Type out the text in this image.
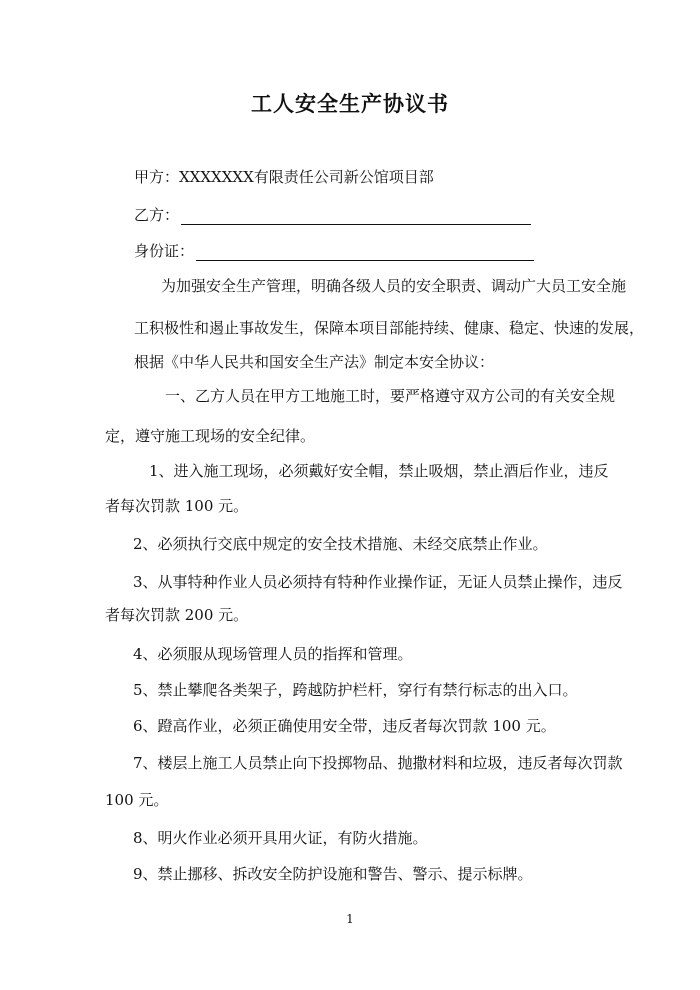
工人安全生产协议书
甲方：XXXXXXX有限责任公司新公馆项目部
乙方：
身份证：
为加强安全生产管理，明确各级人员的安全职责、调动广大员工安全施
工积极性和遏止事故发生，保障本项目部能持续、健康、稳定、快速的发展，
根据《中华人民共和国安全生产法》制定本安全协议：
一、乙方人员在甲方工地施工时，要严格遵守双方公司的有关安全规
定，遵守施工现场的安全纪律。
1、进入施工现场，必须戴好安全帽，禁止吸烟，禁止酒后作业，违反
者每次罚款 100 元。
2、必须执行交底中规定的安全技术措施、未经交底禁止作业。
3、从事特种作业人员必须持有特种作业操作证，无证人员禁止操作，违反
者每次罚款 200 元。
4、必须服从现场管理人员的指挥和管理。
5、禁止攀爬各类架子，跨越防护栏杆，穿行有禁行标志的出入口。
6、蹬高作业，必须正确使用安全带，违反者每次罚款 100 元。
7、楼层上施工人员禁止向下投掷物品、抛撒材料和垃圾，违反者每次罚款
100 元。
8、明火作业必须开具用火证，有防火措施。
9、禁止挪移、拆改安全防护设施和警告、警示、提示标牌。
1
